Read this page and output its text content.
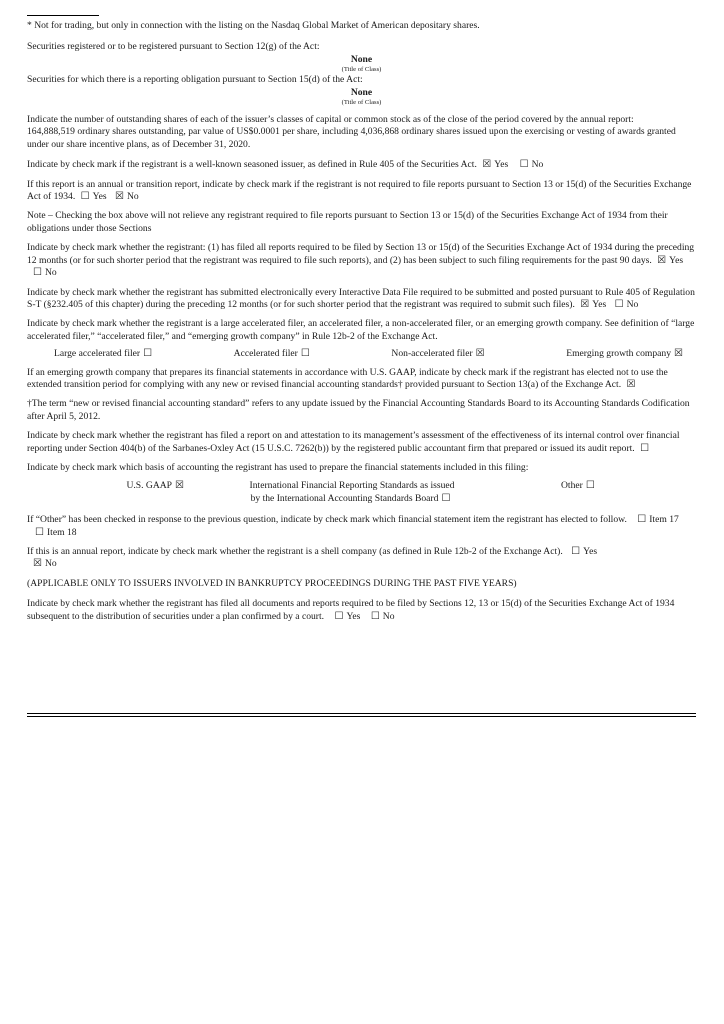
* Not for trading, but only in connection with the listing on the Nasdaq Global Market of American depositary shares.

Securities registered or to be registered pursuant to Section 12(g) of the Act:

None

(Title of Class)

Securities for which there is a reporting obligation pursuant to Section 15(d) of the Act:

None

(Title of Class)

Indicate the number of outstanding shares of each of the issuer’s classes of capital or common stock as of the close of the period covered by the annual report:

164,888,519 ordinary shares outstanding, par value of US$0.0001 per share, including 4,036,868 ordinary shares issued upon the exercising or vesting of awards granted under our share incentive plans, as of December 31, 2020.

Indicate by check mark if the registrant is a well-known seasoned issuer, as defined in Rule 405 of the Securities Act. ☒ Yes ☐ No

If this report is an annual or transition report, indicate by check mark if the registrant is not required to file reports pursuant to Section 13 or 15(d) of the Securities Exchange Act of 1934. ☐ Yes ☒ No

Note – Checking the box above will not relieve any registrant required to file reports pursuant to Section 13 or 15(d) of the Securities Exchange Act of 1934 from their obligations under those Sections

Indicate by check mark whether the registrant: (1) has filed all reports required to be filed by Section 13 or 15(d) of the Securities Exchange Act of 1934 during the preceding 12 months (or for such shorter period that the registrant was required to file such reports), and (2) has been subject to such filing requirements for the past 90 days. ☒ Yes ☐ No

Indicate by check mark whether the registrant has submitted electronically every Interactive Data File required to be submitted and posted pursuant to Rule 405 of Regulation S-T (§232.405 of this chapter) during the preceding 12 months (or for such shorter period that the registrant was required to submit such files). ☒ Yes ☐ No

Indicate by check mark whether the registrant is a large accelerated filer, an accelerated filer, a non-accelerated filer, or an emerging growth company. See definition of “large accelerated filer,” “accelerated filer,” and “emerging growth company” in Rule 12b-2 of the Exchange Act.

Large accelerated filer ☐	Accelerated filer ☐	Non-accelerated filer ☒	Emerging growth company ☒

If an emerging growth company that prepares its financial statements in accordance with U.S. GAAP, indicate by check mark if the registrant has elected not to use the extended transition period for complying with any new or revised financial accounting standards† provided pursuant to Section 13(a) of the Exchange Act. ☒

†The term “new or revised financial accounting standard” refers to any update issued by the Financial Accounting Standards Board to its Accounting Standards Codification after April 5, 2012.

Indicate by check mark whether the registrant has filed a report on and attestation to its management’s assessment of the effectiveness of its internal control over financial reporting under Section 404(b) of the Sarbanes-Oxley Act (15 U.S.C. 7262(b)) by the registered public accountant firm that prepared or issued its audit report. ☐

Indicate by check mark which basis of accounting the registrant has used to prepare the financial statements included in this filing:

U.S. GAAP ☒	International Financial Reporting Standards as issued
by the International Accounting Standards Board ☐
Other ☐

If “Other” has been checked in response to the previous question, indicate by check mark which financial statement item the registrant has elected to follow. ☐ Item 17 ☐ Item 18

If this is an annual report, indicate by check mark whether the registrant is a shell company (as defined in Rule 12b-2 of the Exchange Act). ☐ Yes ☒ No

(APPLICABLE ONLY TO ISSUERS INVOLVED IN BANKRUPTCY PROCEEDINGS DURING THE PAST FIVE YEARS)

Indicate by check mark whether the registrant has filed all documents and reports required to be filed by Sections 12, 13 or 15(d) of the Securities Exchange Act of 1934 subsequent to the distribution of securities under a plan confirmed by a court. ☐ Yes ☐ No
